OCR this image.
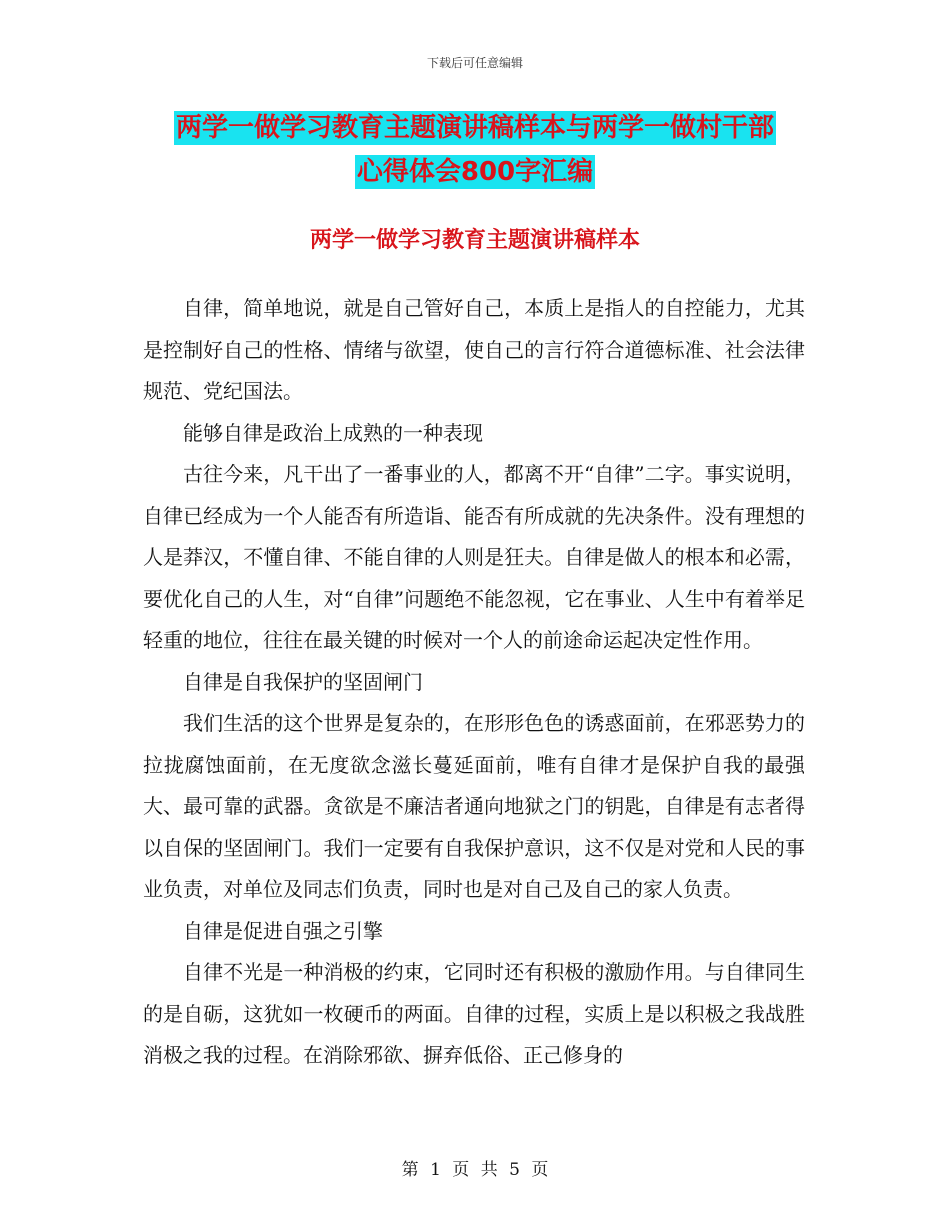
下载后可任意编辑
两学一做学习教育主题演讲稿样本与两学一做村干部
心得体会800字汇编
两学一做学习教育主题演讲稿样本

自律，简单地说，就是自己管好自己，本质上是指人的自控能力，尤其是控制好自己的性格、情绪与欲望，使自己的言行符合道德标准、社会法律规范、党纪国法。

能够自律是政治上成熟的一种表现

古往今来，凡干出了一番事业的人，都离不开“自律”二字。事实说明，自律已经成为一个人能否有所造诣、能否有所成就的先决条件。没有理想的人是莽汉，不懂自律、不能自律的人则是狂夫。自律是做人的根本和必需，要优化自己的人生，对“自律”问题绝不能忽视，它在事业、人生中有着举足轻重的地位，往往在最关键的时候对一个人的前途命运起决定性作用。

自律是自我保护的坚固闸门

我们生活的这个世界是复杂的，在形形色色的诱惑面前，在邪恶势力的拉拢腐蚀面前，在无度欲念滋长蔓延面前，唯有自律才是保护自我的最强大、最可靠的武器。贪欲是不廉洁者通向地狱之门的钥匙，自律是有志者得以自保的坚固闸门。我们一定要有自我保护意识，这不仅是对党和人民的事业负责，对单位及同志们负责，同时也是对自己及自己的家人负责。

自律是促进自强之引擎

自律不光是一种消极的约束，它同时还有积极的激励作用。与自律同生的是自砺，这犹如一枚硬币的两面。自律的过程，实质上是以积极之我战胜消极之我的过程。在消除邪欲、摒弃低俗、正己修身的

第 1 页 共 5 页
